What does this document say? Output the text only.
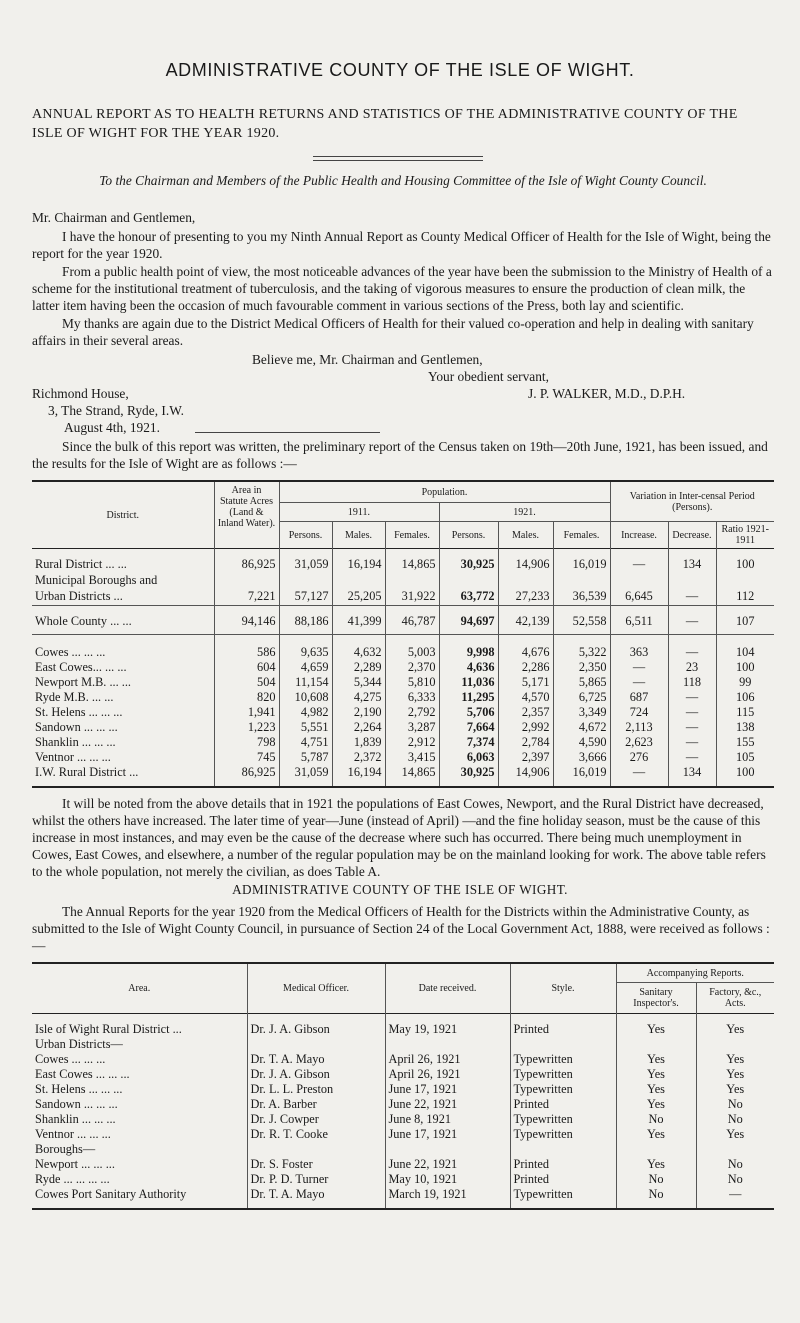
ADMINISTRATIVE COUNTY OF THE ISLE OF WIGHT.
ANNUAL REPORT AS TO HEALTH RETURNS AND STATISTICS OF THE ADMINISTRATIVE COUNTY OF THE ISLE OF WIGHT FOR THE YEAR 1920.
To the Chairman and Members of the Public Health and Housing Committee of the Isle of Wight County Council.
Mr. Chairman and Gentlemen,
I have the honour of presenting to you my Ninth Annual Report as County Medical Officer of Health for the Isle of Wight, being the report for the year 1920.
From a public health point of view, the most noticeable advances of the year have been the submission to the Ministry of Health of a scheme for the institutional treatment of tuberculosis, and the taking of vigorous measures to ensure the production of clean milk, the latter item having been the occasion of much favourable comment in various sections of the Press, both lay and scientific.
My thanks are again due to the District Medical Officers of Health for their valued co-operation and help in dealing with sanitary affairs in their several areas.
Believe me, Mr. Chairman and Gentlemen,
Your obedient servant,
Richmond House,	J. P. WALKER, M.D., D.P.H.
3, The Strand, Ryde, I.W.
August 4th, 1921.
Since the bulk of this report was written, the preliminary report of the Census taken on 19th—20th June, 1921, has been issued, and the results for the Isle of Wight are as follows :—
District.	Area in Statute Acres (Land & Inland Water).	Population.						Variation in Inter-censal Period (Persons).		
		1911.			1921.					
		Persons.	Males.	Females.	Persons.	Males.	Females.	Increase.	Decrease.	Ratio 1921-1911
Rural District ... ...	86,925	31,059	16,194	14,865	30,925	14,906	16,019	—	134	100
Municipal Boroughs and										
Urban Districts ...	7,221	57,127	25,205	31,922	63,772	27,233	36,539	6,645	—	112
Whole County ... ...	94,146	88,186	41,399	46,787	94,697	42,139	52,558	6,511	—	107
Cowes ... ... ...	586	9,635	4,632	5,003	9,998	4,676	5,322	363	—	104
East Cowes... ... ...	604	4,659	2,289	2,370	4,636	2,286	2,350	—	23	100
Newport M.B. ... ...	504	11,154	5,344	5,810	11,036	5,171	5,865	—	118	99
Ryde M.B. ... ...	820	10,608	4,275	6,333	11,295	4,570	6,725	687	—	106
St. Helens ... ... ...	1,941	4,982	2,190	2,792	5,706	2,357	3,349	724	—	115
Sandown ... ... ...	1,223	5,551	2,264	3,287	7,664	2,992	4,672	2,113	—	138
Shanklin ... ... ...	798	4,751	1,839	2,912	7,374	2,784	4,590	2,623	—	155
Ventnor ... ... ...	745	5,787	2,372	3,415	6,063	2,397	3,666	276	—	105
I.W. Rural District ...	86,925	31,059	16,194	14,865	30,925	14,906	16,019	—	134	100
It will be noted from the above details that in 1921 the populations of East Cowes, Newport, and the Rural District have decreased, whilst the others have increased. The later time of year—June (instead of April) —and the fine holiday season, must be the cause of this increase in most instances, and may even be the cause of the decrease where such has occurred. There being much unemployment in Cowes, East Cowes, and elsewhere, a number of the regular population may be on the mainland looking for work. The above table refers to the whole population, not merely the civilian, as does Table A.
ADMINISTRATIVE COUNTY OF THE ISLE OF WIGHT.
The Annual Reports for the year 1920 from the Medical Officers of Health for the Districts within the Administrative County, as submitted to the Isle of Wight County Council, in pursuance of Section 24 of the Local Government Act, 1888, were received as follows :—
Area.	Medical Officer.	Date received.	Style.	Accompanying Reports.	
				Sanitary Inspector's.	Factory, &c., Acts.
Isle of Wight Rural District ...	Dr. J. A. Gibson	May 19, 1921	Printed	Yes	Yes
Urban Districts—					
Cowes ... ... ...	Dr. T. A. Mayo	April 26, 1921	Typewritten	Yes	Yes
East Cowes ... ... ...	Dr. J. A. Gibson	April 26, 1921	Typewritten	Yes	Yes
St. Helens ... ... ...	Dr. L. L. Preston	June 17, 1921	Typewritten	Yes	Yes
Sandown ... ... ...	Dr. A. Barber	June 22, 1921	Printed	Yes	No
Shanklin ... ... ...	Dr. J. Cowper	June 8, 1921	Typewritten	No	No
Ventnor ... ... ...	Dr. R. T. Cooke	June 17, 1921	Typewritten	Yes	Yes
Boroughs—					
Newport ... ... ...	Dr. S. Foster	June 22, 1921	Printed	Yes	No
Ryde ... ... ... ...	Dr. P. D. Turner	May 10, 1921	Printed	No	No
Cowes Port Sanitary Authority	Dr. T. A. Mayo	March 19, 1921	Typewritten	No	—
